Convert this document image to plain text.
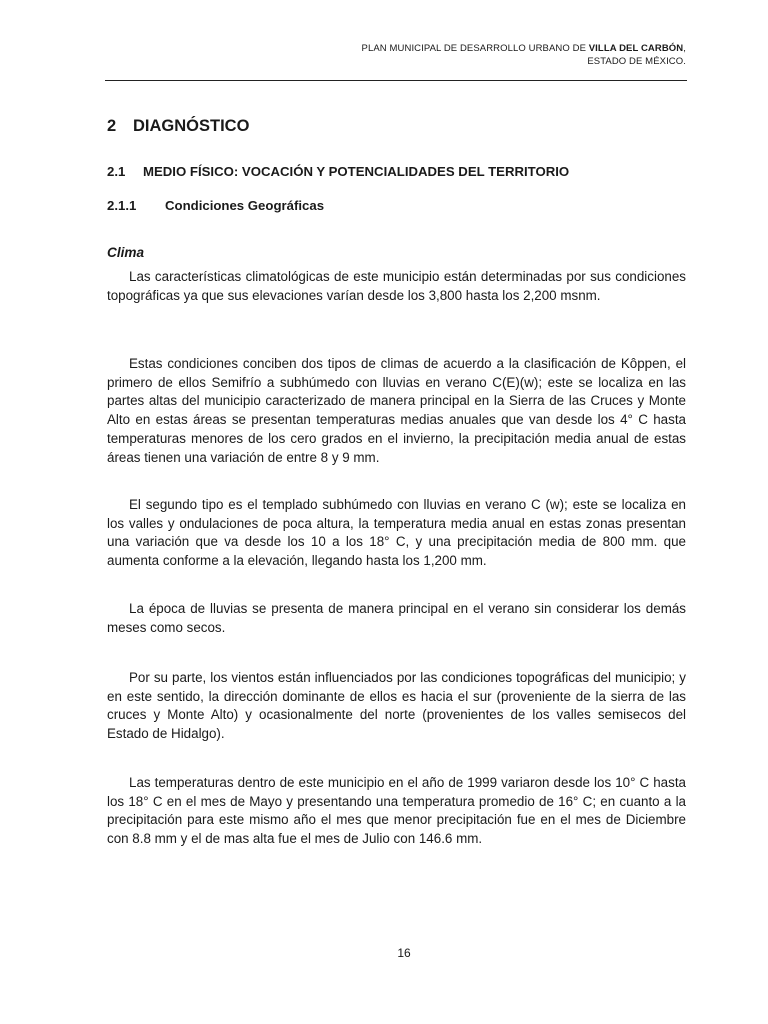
PLAN MUNICIPAL DE DESARROLLO URBANO DE VILLA DEL CARBÓN,
ESTADO DE MÉXICO.
2 DIAGNÓSTICO
2.1 MEDIO FÍSICO: VOCACIÓN Y POTENCIALIDADES DEL TERRITORIO
2.1.1 Condiciones Geográficas
Clima
Las características climatológicas de este municipio están determinadas por sus condiciones topográficas ya que sus elevaciones varían desde los 3,800 hasta los 2,200 msnm.
Estas condiciones conciben dos tipos de climas de acuerdo a la clasificación de Kôppen, el primero de ellos Semifrío a subhúmedo con lluvias en verano C(E)(w); este se localiza en las partes altas del municipio caracterizado de manera principal en la Sierra de las Cruces y Monte Alto en estas áreas se presentan temperaturas medias anuales que van desde los 4° C hasta temperaturas menores de los cero grados en el invierno, la precipitación media anual de estas áreas tienen una variación de entre 8 y 9 mm.
El segundo tipo es el templado subhúmedo con lluvias en verano C (w); este se localiza en los valles y ondulaciones de poca altura, la temperatura media anual en estas zonas presentan una variación que va desde los 10 a los 18° C, y una precipitación media de 800 mm. que aumenta conforme a la elevación, llegando hasta los 1,200 mm.
La época de lluvias se presenta de manera principal en el verano sin considerar los demás meses como secos.
Por su parte, los vientos están influenciados por las condiciones topográficas del municipio; y en este sentido, la dirección dominante de ellos es hacia el sur (proveniente de la sierra de las cruces y Monte Alto) y ocasionalmente del norte (provenientes de los valles semisecos del Estado de Hidalgo).
Las temperaturas dentro de este municipio en el año de 1999 variaron desde los 10° C hasta los 18° C en el mes de Mayo y presentando una temperatura promedio de 16° C; en cuanto a la precipitación para este mismo año el mes que menor precipitación fue en el mes de Diciembre con 8.8 mm y el de mas alta fue el mes de Julio con 146.6 mm.
16
